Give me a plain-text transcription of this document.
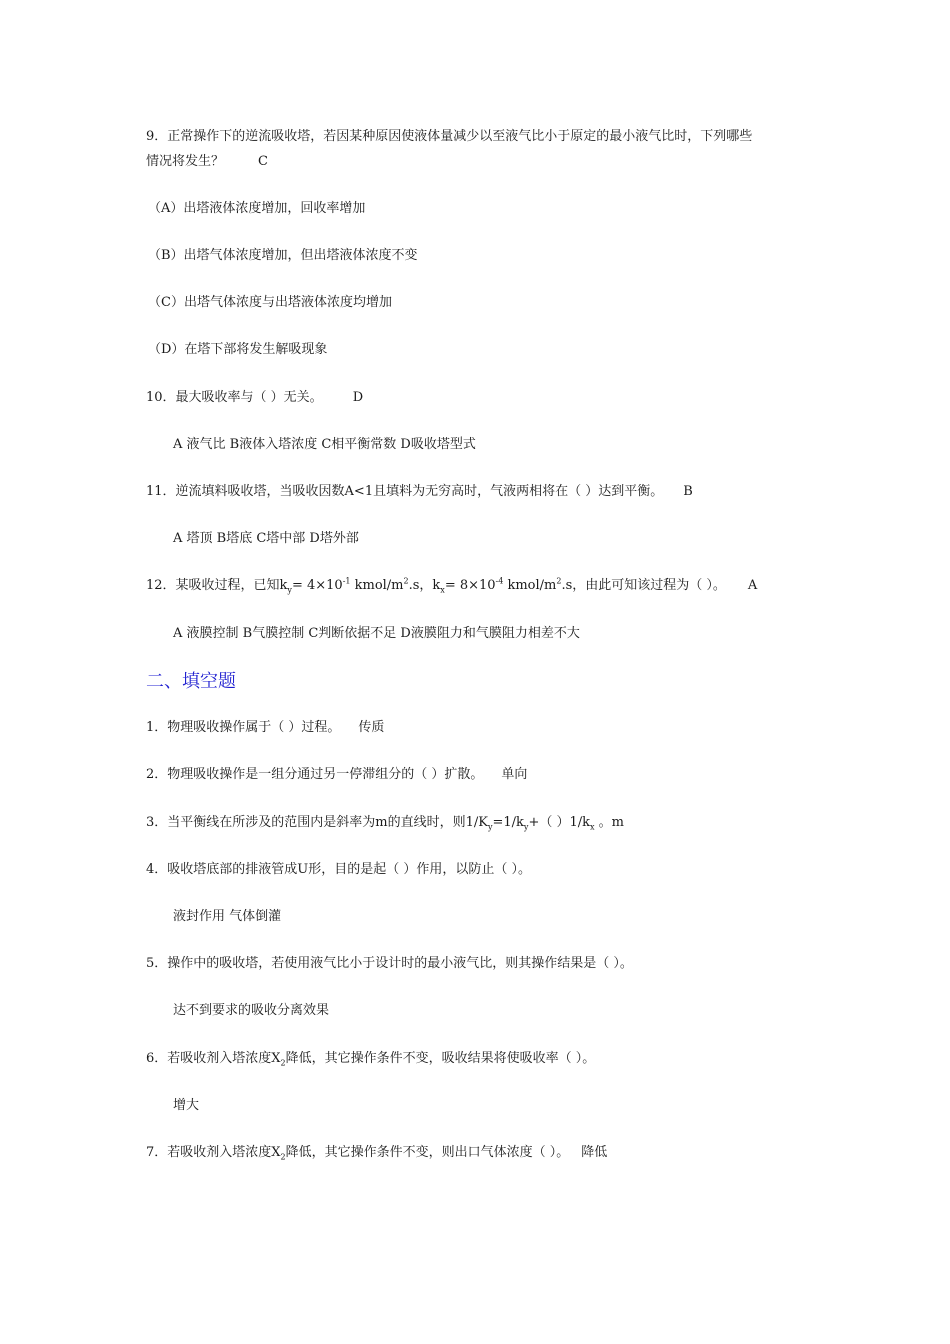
9．正常操作下的逆流吸收塔，若因某种原因使液体量减少以至液气比小于原定的最小液气比时，下列哪些
情况将发生？	C
（A）出塔液体浓度增加，回收率增加
（B）出塔气体浓度增加，但出塔液体浓度不变
（C）出塔气体浓度与出塔液体浓度均增加
（D）在塔下部将发生解吸现象
10．最大吸收率与（ ）无关。 D
A 液气比 B液体入塔浓度 C相平衡常数 D吸收塔型式
11．逆流填料吸收塔，当吸收因数A<1且填料为无穷高时，气液两相将在（ ）达到平衡。 B
A 塔顶 B塔底 C塔中部 D塔外部
12．某吸收过程，已知$k_y= 4\times 10^{-1}$ kmol/$m^2.s$，$k_x= 8\times 10^{-4}$ kmol/$m^2.s$，由此可知该过程为（ ）。 A
A 液膜控制 B气膜控制 C判断依据不足 D液膜阻力和气膜阻力相差不大
二、填空题
1．物理吸收操作属于（ ）过程。 传质
2．物理吸收操作是一组分通过另一停滞组分的（ ）扩散。 单向
3．当平衡线在所涉及的范围内是斜率为m的直线时，则$1/K_y=1/k_y+$（ ）$1/k_x$ 。m
4．吸收塔底部的排液管成U形，目的是起（ ）作用，以防止（ ）。
液封作用 气体倒灌
5．操作中的吸收塔，若使用液气比小于设计时的最小液气比，则其操作结果是（ ）。
达不到要求的吸收分离效果
6．若吸收剂入塔浓度$X_2$降低，其它操作条件不变，吸收结果将使吸收率（ ）。
增大
7．若吸收剂入塔浓度$X_2$降低，其它操作条件不变，则出口气体浓度（ ）。 降低
